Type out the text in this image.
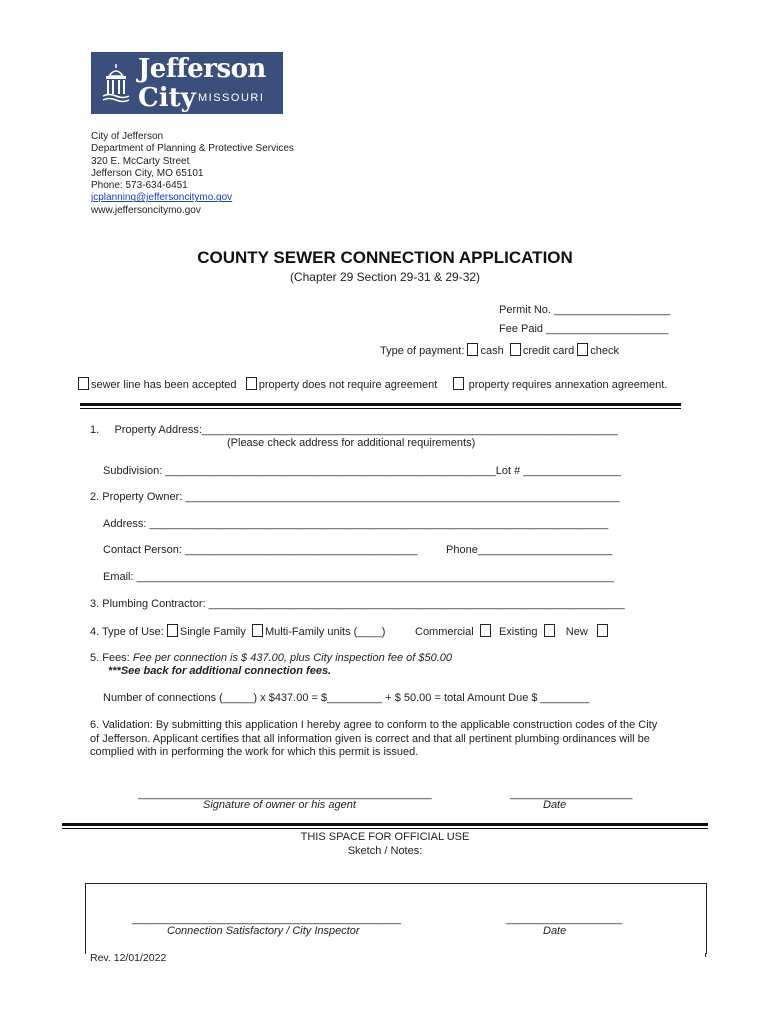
Jefferson
City MISSOURI
City of Jefferson
Department of Planning & Protective Services
320 E. McCarty Street
Jefferson City, MO 65101
Phone: 573-634-6451
jcplanning@jeffersoncitymo.gov
www.jeffersoncitymo.gov
COUNTY SEWER CONNECTION APPLICATION
(Chapter 29 Section 29-31 & 29-32)
Permit No. ___________________
Fee Paid ____________________
Type of payment: cash credit card check
sewer line has been accepted property does not require agreement	property requires annexation agreement.
1. Property Address:____________________________________________________________________
(Please check address for additional requirements)
Subdivision: ______________________________________________________Lot # ________________
2. Property Owner: _______________________________________________________________________
Address: ___________________________________________________________________________
Contact Person: ______________________________________	Phone______________________
Email: ______________________________________________________________________________
3. Plumbing Contractor: ____________________________________________________________________
4. Type of Use: Single Family Multi-Family units (____)	Commercial Existing	New
5. Fees: Fee per connection is $ 437.00, plus City inspection fee of $50.00
***See back for additional connection fees.
Number of connections (_____) x $437.00 = $_________ + $ 50.00 = total Amount Due $ ________
6. Validation: By submitting this application I hereby agree to conform to the applicable construction codes of the City
of Jefferson. Applicant certifies that all information given is correct and that all pertinent plumbing ordinances will be
complied with in performing the work for which this permit is issued.
________________________________________________
Signature of owner or his agent
____________________
Date
THIS SPACE FOR OFFICIAL USE
Sketch / Notes:
____________________________________________
Connection Satisfactory / City Inspector
___________________
Date
Rev. 12/01/2022
